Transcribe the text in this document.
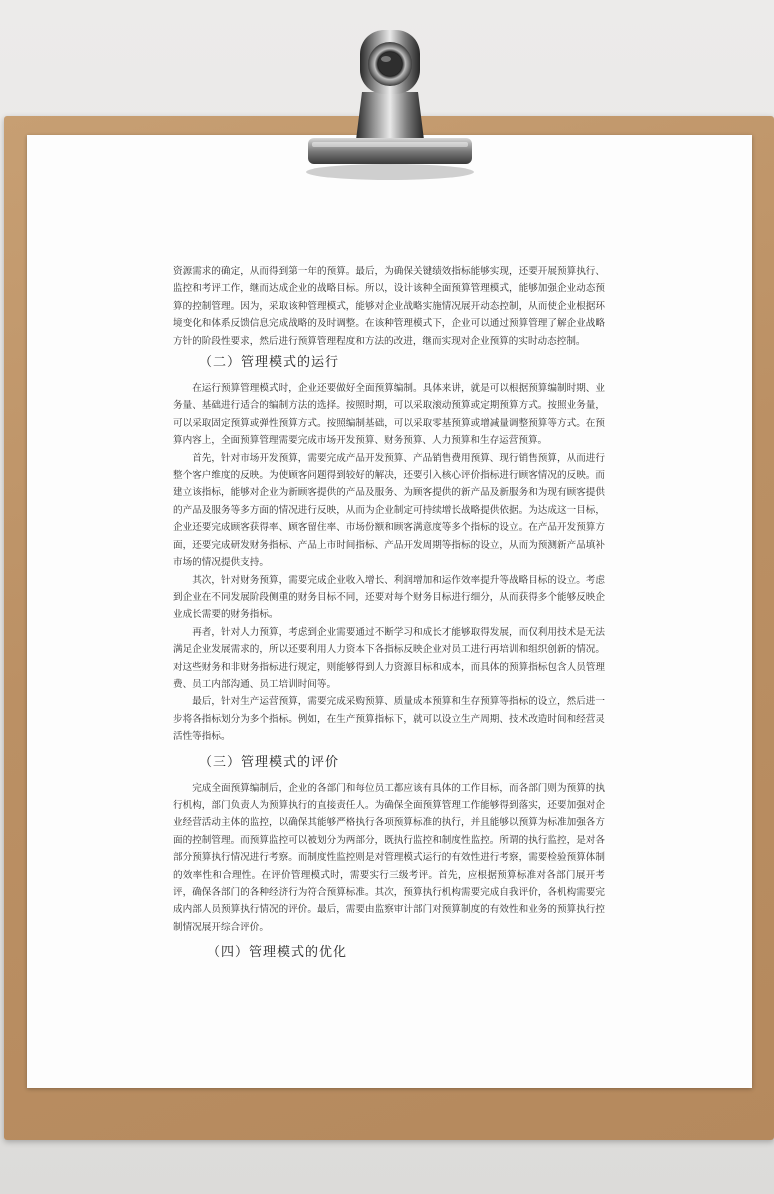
资源需求的确定，从而得到第一年的预算。最后，为确保关键绩效指标能够实现，还要开展预算执行、监控和考评工作，继而达成企业的战略目标。所以，设计该种全面预算管理模式，能够加强企业动态预算的控制管理。因为，采取该种管理模式，能够对企业战略实施情况展开动态控制，从而使企业根据环境变化和体系反馈信息完成战略的及时调整。在该种管理模式下，企业可以通过预算管理了解企业战略方针的阶段性要求，然后进行预算管理程度和方法的改进，继而实现对企业预算的实时动态控制。

（二）管理模式的运行

在运行预算管理模式时，企业还要做好全面预算编制。具体来讲，就是可以根据预算编制时期、业务量、基础进行适合的编制方法的选择。按照时期，可以采取滚动预算或定期预算方式。按照业务量，可以采取固定预算或弹性预算方式。按照编制基础，可以采取零基预算或增减量调整预算等方式。在预算内容上，全面预算管理需要完成市场开发预算、财务预算、人力预算和生存运营预算。

首先，针对市场开发预算，需要完成产品开发预算、产品销售费用预算、现行销售预算，从而进行整个客户维度的反映。为使顾客问题得到较好的解决，还要引入核心评价指标进行顾客情况的反映。而建立该指标，能够对企业为新顾客提供的产品及服务、为顾客提供的新产品及新服务和为现有顾客提供的产品及服务等多方面的情况进行反映，从而为企业制定可持续增长战略提供依据。为达成这一目标，企业还要完成顾客获得率、顾客留住率、市场份额和顾客满意度等多个指标的设立。在产品开发预算方面，还要完成研发财务指标、产品上市时间指标、产品开发周期等指标的设立，从而为预测新产品填补市场的情况提供支持。

其次，针对财务预算，需要完成企业收入增长、利润增加和运作效率提升等战略目标的设立。考虑到企业在不同发展阶段侧重的财务目标不同，还要对每个财务目标进行细分，从而获得多个能够反映企业成长需要的财务指标。

再者，针对人力预算，考虑到企业需要通过不断学习和成长才能够取得发展，而仅利用技术是无法满足企业发展需求的，所以还要利用人力资本下各指标反映企业对员工进行再培训和组织创新的情况。对这些财务和非财务指标进行规定，则能够得到人力资源目标和成本，而具体的预算指标包含人员管理费、员工内部沟通、员工培训时间等。

最后，针对生产运营预算，需要完成采购预算、质量成本预算和生存预算等指标的设立，然后进一步将各指标划分为多个指标。例如，在生产预算指标下，就可以设立生产周期、技术改造时间和经营灵活性等指标。

（三）管理模式的评价

完成全面预算编制后，企业的各部门和每位员工都应该有具体的工作目标，而各部门则为预算的执行机构，部门负责人为预算执行的直接责任人。为确保全面预算管理工作能够得到落实，还要加强对企业经营活动主体的监控，以确保其能够严格执行各项预算标准的执行，并且能够以预算为标准加强各方面的控制管理。而预算监控可以被划分为两部分，既执行监控和制度性监控。所谓的执行监控，是对各部分预算执行情况进行考察。而制度性监控则是对管理模式运行的有效性进行考察，需要检验预算体制的效率性和合理性。在评价管理模式时，需要实行三级考评。首先，应根据预算标准对各部门展开考评，确保各部门的各种经济行为符合预算标准。其次，预算执行机构需要完成自我评价，各机构需要完成内部人员预算执行情况的评价。最后，需要由监察审计部门对预算制度的有效性和业务的预算执行控制情况展开综合评价。

（四）管理模式的优化
